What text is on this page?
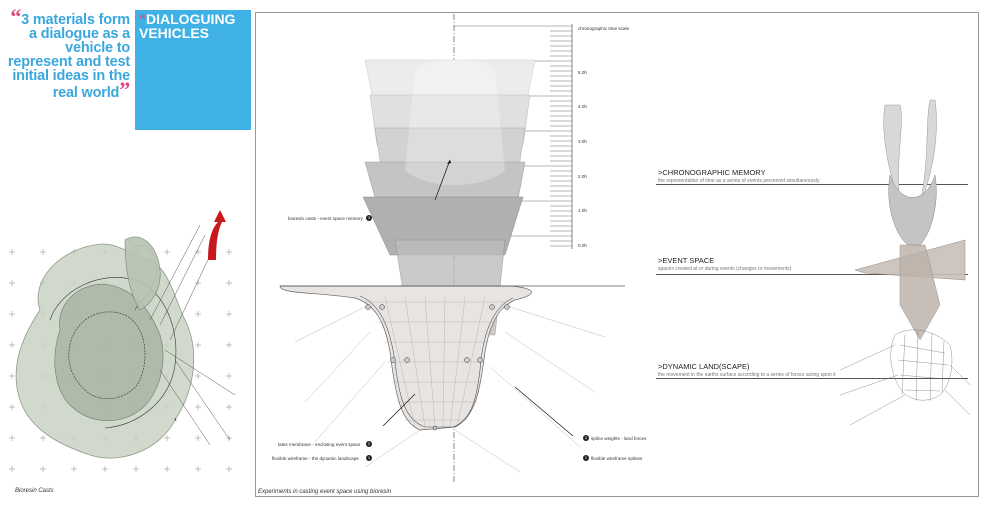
“3 materials form a dialogue as a vehicle to represent and test initial ideas in the real world”
“DIALOGUING VEHICLES
Bioresin Casts	Experiments in casting event space using bioresin
chronographic time scale
5.0h
4.0h
3.0h
2.0h
1.0h
0.0h
bioresin casts - event space memory	3
latex membrane - enclosing event space	2
flexible wireframe - the dynamic landscape	1
2 spline weights - land forces
1 flexible wireframe splines
>CHRONOGRAPHIC MEMORY
the representation of time as a series of events perceived simultaneously
>EVENT SPACE
spaces created at or during events (changes or movements)
>DYNAMIC LAND(SCAPE)
the movement in the earths surface according to a series of forces acting upon it
